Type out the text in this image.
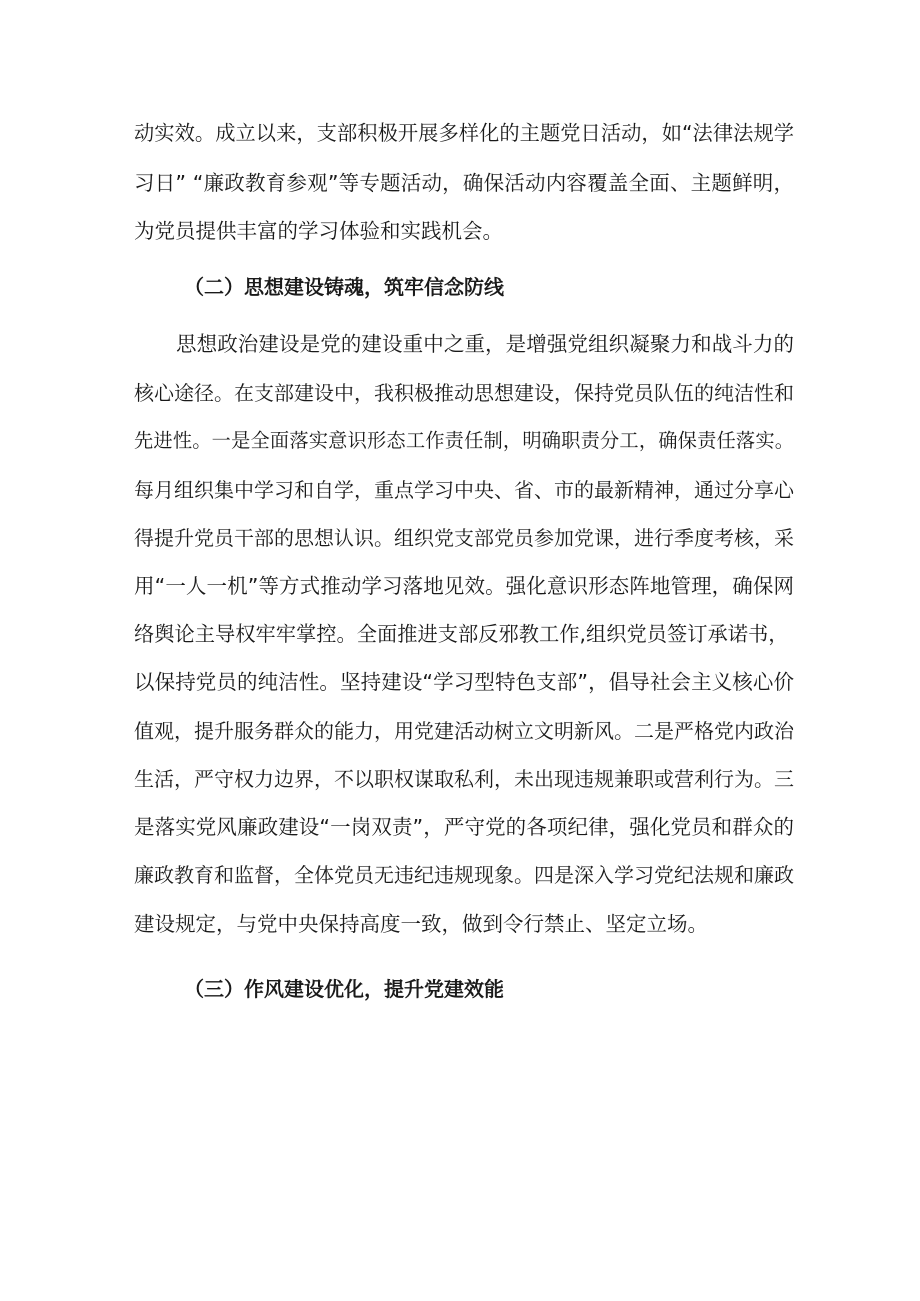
动实效。成立以来，支部积极开展多样化的主题党日活动，如“法律法规学
习日” “廉政教育参观”等专题活动，确保活动内容覆盖全面、主题鲜明，
为党员提供丰富的学习体验和实践机会。
（二）思想建设铸魂，筑牢信念防线
思想政治建设是党的建设重中之重，是增强党组织凝聚力和战斗力的
核心途径。在支部建设中，我积极推动思想建设，保持党员队伍的纯洁性和
先进性。一是全面落实意识形态工作责任制，明确职责分工，确保责任落实。
每月组织集中学习和自学，重点学习中央、省、市的最新精神，通过分享心
得提升党员干部的思想认识。组织党支部党员参加党课，进行季度考核，采
用“一人一机”等方式推动学习落地见效。强化意识形态阵地管理，确保网
络舆论主导权牢牢掌控。全面推进支部反邪教工作,组织党员签订承诺书，
以保持党员的纯洁性。坚持建设“学习型特色支部”，倡导社会主义核心价
值观，提升服务群众的能力，用党建活动树立文明新风。二是严格党内政治
生活，严守权力边界，不以职权谋取私利，未出现违规兼职或营利行为。三
是落实党风廉政建设“一岗双责”，严守党的各项纪律，强化党员和群众的
廉政教育和监督，全体党员无违纪违规现象。四是深入学习党纪法规和廉政
建设规定，与党中央保持高度一致，做到令行禁止、坚定立场。
（三）作风建设优化，提升党建效能
